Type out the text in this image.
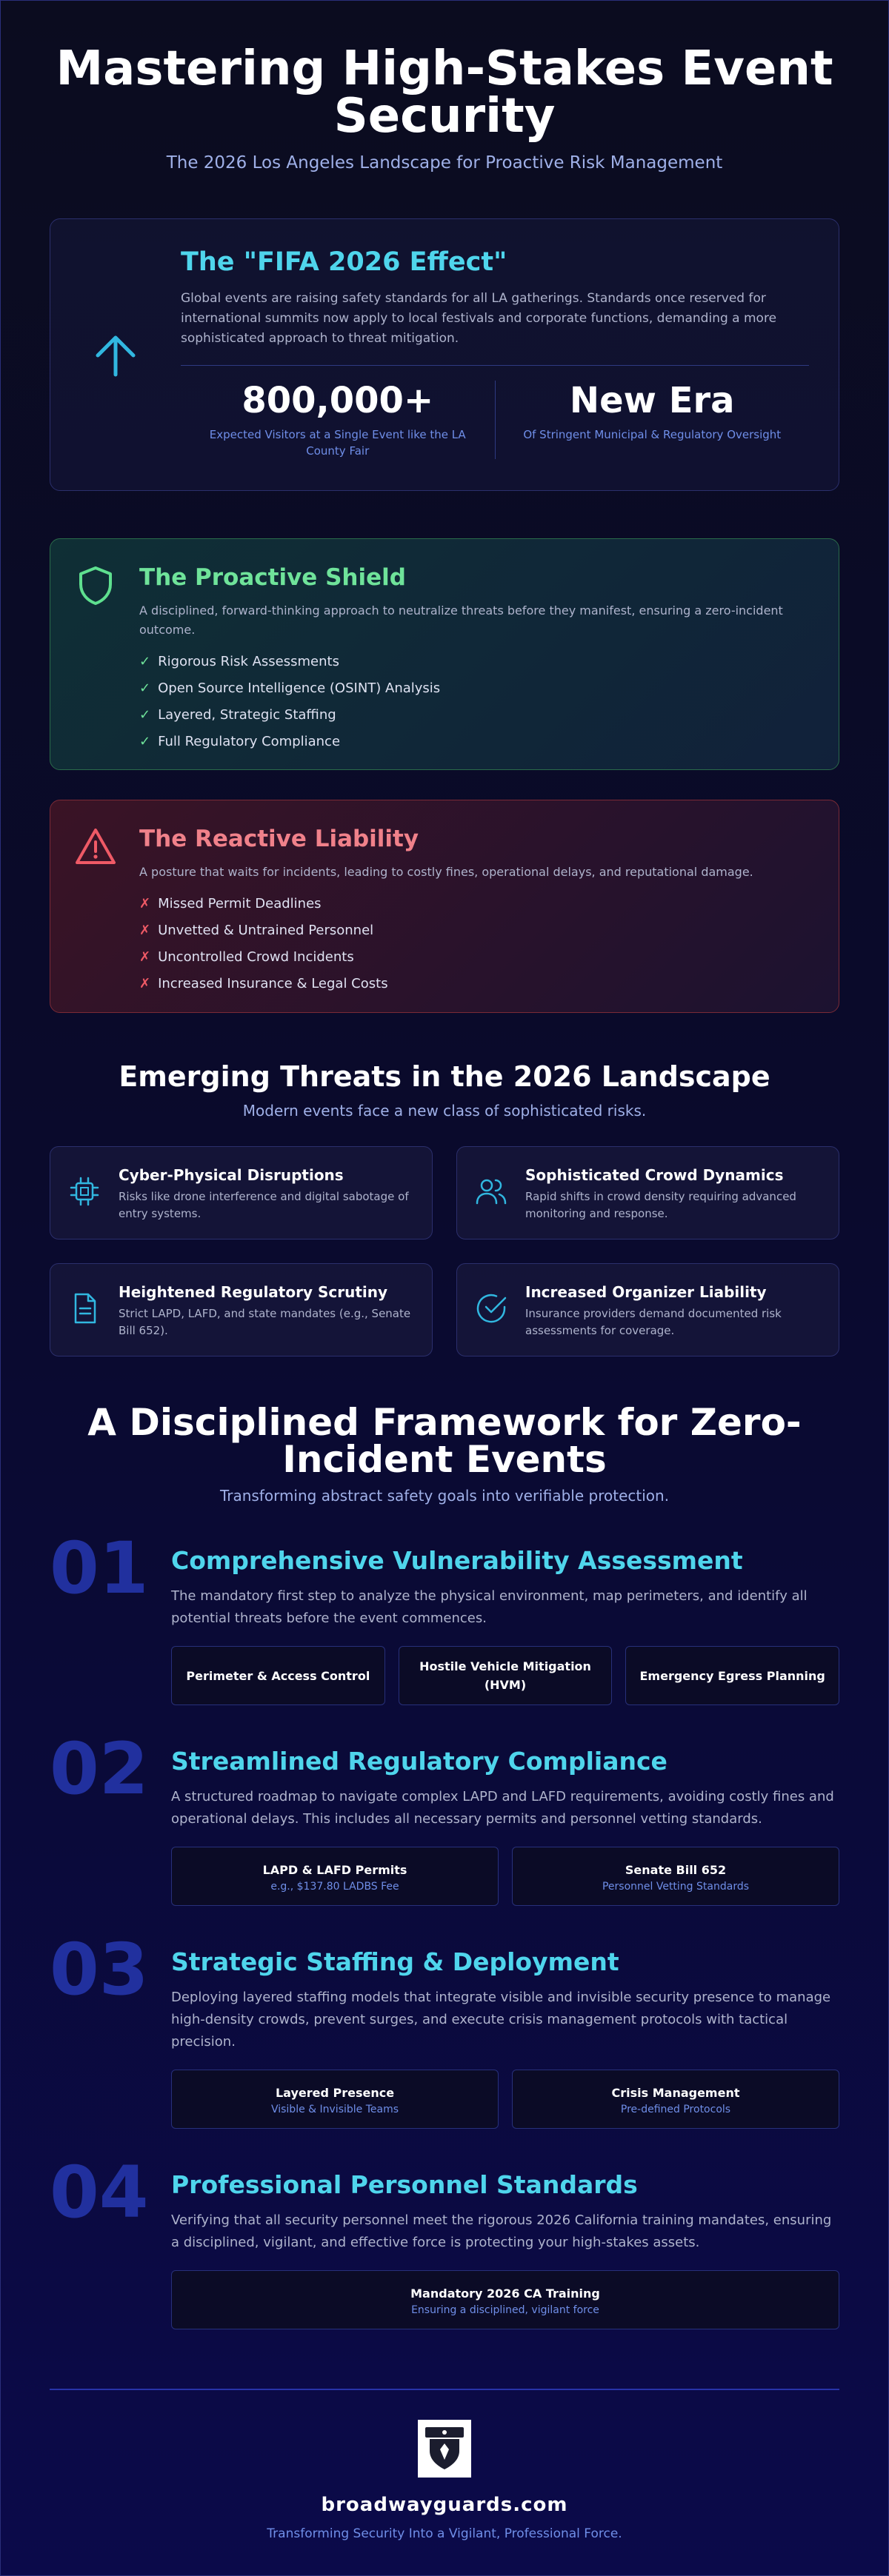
Mastering High-Stakes Event Security

The 2026 Los Angeles Landscape for Proactive Risk Management

The "FIFA 2026 Effect"

Global events are raising safety standards for all LA gatherings. Standards once reserved for international summits now apply to local festivals and corporate functions, demanding a more sophisticated approach to threat mitigation.

800,000+
Expected Visitors at a Single Event like the LA County Fair
New Era
Of Stringent Municipal & Regulatory Oversight
The Proactive Shield

A disciplined, forward-thinking approach to neutralize threats before they manifest, ensuring a zero-incident outcome.

✓ Rigorous Risk Assessments
✓ Open Source Intelligence (OSINT) Analysis
✓ Layered, Strategic Staffing
✓ Full Regulatory Compliance
The Reactive Liability

A posture that waits for incidents, leading to costly fines, operational delays, and reputational damage.

✗ Missed Permit Deadlines
✗ Unvetted & Untrained Personnel
✗ Uncontrolled Crowd Incidents
✗ Increased Insurance & Legal Costs
Emerging Threats in the 2026 Landscape

Modern events face a new class of sophisticated risks.

Cyber-Physical Disruptions
Risks like drone interference and digital sabotage of entry systems.
Sophisticated Crowd Dynamics
Rapid shifts in crowd density requiring advanced monitoring and response.
Heightened Regulatory Scrutiny
Strict LAPD, LAFD, and state mandates (e.g., Senate Bill 652).
Increased Organizer Liability
Insurance providers demand documented risk assessments for coverage.
A Disciplined Framework for Zero-Incident Events

Transforming abstract safety goals into verifiable protection.

01 Comprehensive Vulnerability Assessment

The mandatory first step to analyze the physical environment, map perimeters, and identify all potential threats before the event commences.

Perimeter & Access Control
Hostile Vehicle Mitigation (HVM)
Emergency Egress Planning
02 Streamlined Regulatory Compliance

A structured roadmap to navigate complex LAPD and LAFD requirements, avoiding costly fines and operational delays. This includes all necessary permits and personnel vetting standards.

LAPD & LAFD Permits
e.g., $137.80 LADBS Fee
Senate Bill 652
Personnel Vetting Standards
03 Strategic Staffing & Deployment

Deploying layered staffing models that integrate visible and invisible security presence to manage high-density crowds, prevent surges, and execute crisis management protocols with tactical precision.

Layered Presence
Visible & Invisible Teams
Crisis Management
Pre-defined Protocols
04 Professional Personnel Standards

Verifying that all security personnel meet the rigorous 2026 California training mandates, ensuring a disciplined, vigilant, and effective force is protecting your high-stakes assets.

Mandatory 2026 CA Training
Ensuring a disciplined, vigilant force
broadwayguards.com
Transforming Security Into a Vigilant, Professional Force.
